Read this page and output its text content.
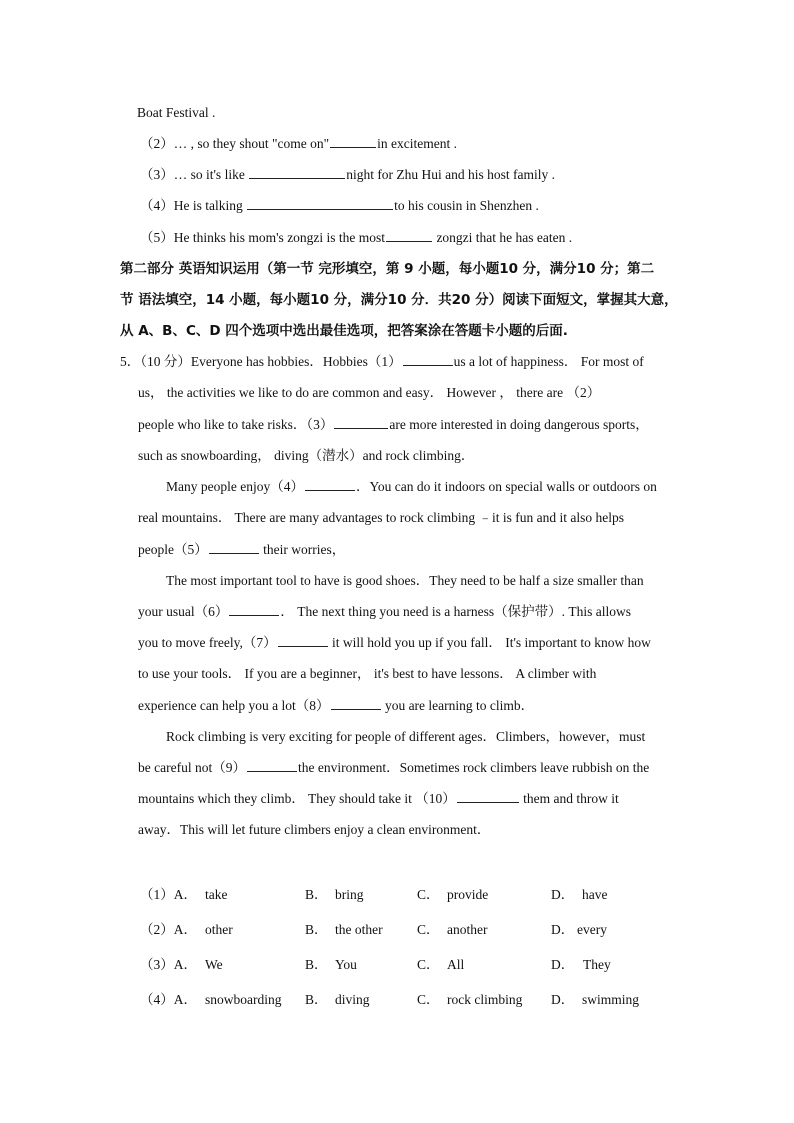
Boat Festival .
（2）… , so they shout "come on"	in excitement .
（3）… so it's like	night for Zhu Hui and his host family .
（4）He is talking	to his cousin in Shenzhen .
（5）He thinks his mom's zongzi is the most	zongzi that he has eaten .
第二部分 英语知识运用（第一节 完形填空，第 9 小题，每小题10 分，满分10 分；第二
节 语法填空，14 小题，每小题10 分，满分10 分．共20 分）阅读下面短文，掌握其大意，
从 A、B、C、D 四个选项中选出最佳选项，把答案涂在答题卡小题的后面.
5．（10 分）Everyone has hobbies．Hobbies（1）	us a lot of happiness． For most of
us， the activities we like to do are common and easy． However ， there are （2）
people who like to take risks．（3）	are more interested in doing dangerous sports，
such as snowboarding， diving（潜水）and rock climbing．
Many people enjoy（4）	．You can do it indoors on special walls or outdoors on
real mountains． There are many advantages to rock climbing ﹣it is fun and it also helps
people（5）	their worries，
The most important tool to have is good shoes．They need to be half a size smaller than
your usual（6）	． The next thing you need is a harness（保护带）. This allows
you to move freely,（7）	it will hold you up if you fall． It's important to know how
to use your tools． If you are a beginner， it's best to have lessons． A climber with
experience can help you a lot（8）	you are learning to climb．
Rock climbing is very exciting for people of different ages．Climbers，however，must
be careful not（9）	the environment．Sometimes rock climbers leave rubbish on the
mountains which they climb． They should take it （10）	them and throw it
away．This will let future climbers enjoy a clean environment．
（1）A． take	B． bring	C． provide	D． have
（2）A． other	B． the other	C． another	D． every
（3）A． We	B． You	C． All	D． They
（4）A． snowboarding B． diving	C． rock climbing D． swimming
